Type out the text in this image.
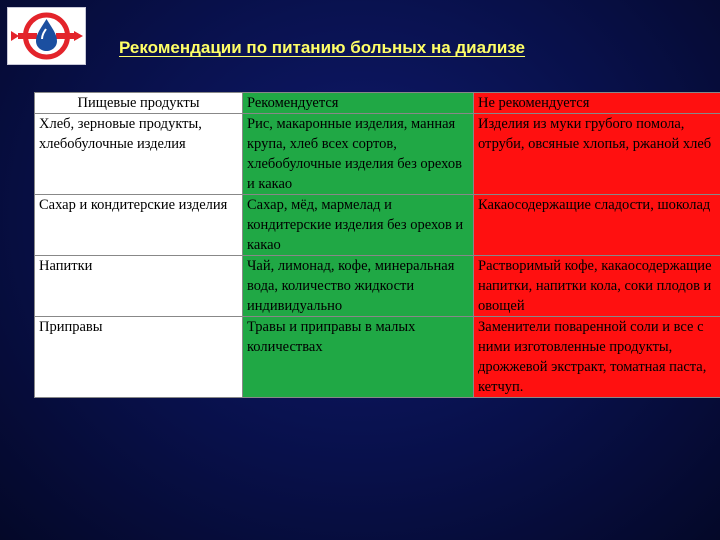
Рекомендации по питанию больных на диализе
Пищевые продукты	Рекомендуется	Не рекомендуется
Хлеб, зерновые продукты, хлебобулочные изделия	Рис, макаронные изделия, манная крупа, хлеб всех сортов, хлебобулочные изделия без орехов и какао	Изделия из муки грубого помола, отруби, овсяные хлопья, ржаной хлеб
Сахар и кондитерские изделия	Сахар, мёд, мармелад и кондитерские изделия без орехов и какао	Какаосодержащие сладости, шоколад
Напитки	Чай, лимонад, кофе, минеральная вода, количество жидкости индивидуально	Растворимый кофе, какаосодержащие напитки, напитки кола, соки плодов и овощей
Приправы	Травы и приправы в малых количествах	Заменители поваренной соли и все с ними изготовленные продукты, дрожжевой экстракт, томатная паста, кетчуп.
